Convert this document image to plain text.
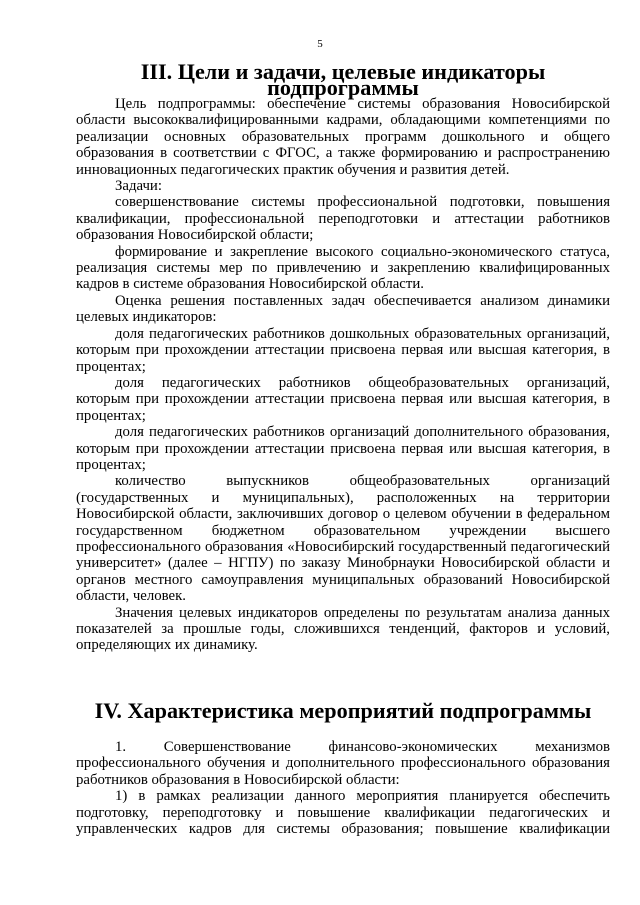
5
III. Цели и задачи, целевые индикаторы подпрограммы

Цель подпрограммы: обеспечение системы образования Новосибирской области высококвалифицированными кадрами, обладающими компетенциями по реализации основных образовательных программ дошкольного и общего образования в соответствии с ФГОС, а также формированию и распространению инновационных педагогических практик обучения и развития детей.

Задачи:

совершенствование системы профессиональной подготовки, повышения квалификации, профессиональной переподготовки и аттестации работников образования Новосибирской области;

формирование и закрепление высокого социально-экономического статуса, реализация системы мер по привлечению и закреплению квалифицированных кадров в системе образования Новосибирской области.

Оценка решения поставленных задач обеспечивается анализом динамики целевых индикаторов:

доля педагогических работников дошкольных образовательных организаций, которым при прохождении аттестации присвоена первая или высшая категория, в процентах;

доля педагогических работников общеобразовательных организаций, которым при прохождении аттестации присвоена первая или высшая категория, в процентах;

доля педагогических работников организаций дополнительного образования, которым при прохождении аттестации присвоена первая или высшая категория, в процентах;

количество выпускников общеобразовательных организаций (государственных и муниципальных), расположенных на территории Новосибирской области, заключивших договор о целевом обучении в федеральном государственном бюджетном образовательном учреждении высшего профессионального образования «Новосибирский государственный педагогический университет» (далее – НГПУ) по заказу Минобрнауки Новосибирской области и органов местного самоуправления муниципальных образований Новосибирской области, человек.

Значения целевых индикаторов определены по результатам анализа данных показателей за прошлые годы, сложившихся тенденций, факторов и условий, определяющих их динамику.

IV. Характеристика мероприятий подпрограммы

1. Совершенствование финансово-экономических механизмов профессионального обучения и дополнительного профессионального образования работников образования в Новосибирской области:

1) в рамках реализации данного мероприятия планируется обеспечить подготовку, переподготовку и повышение квалификации педагогических и управленческих кадров для системы образования; повышение квалификации
